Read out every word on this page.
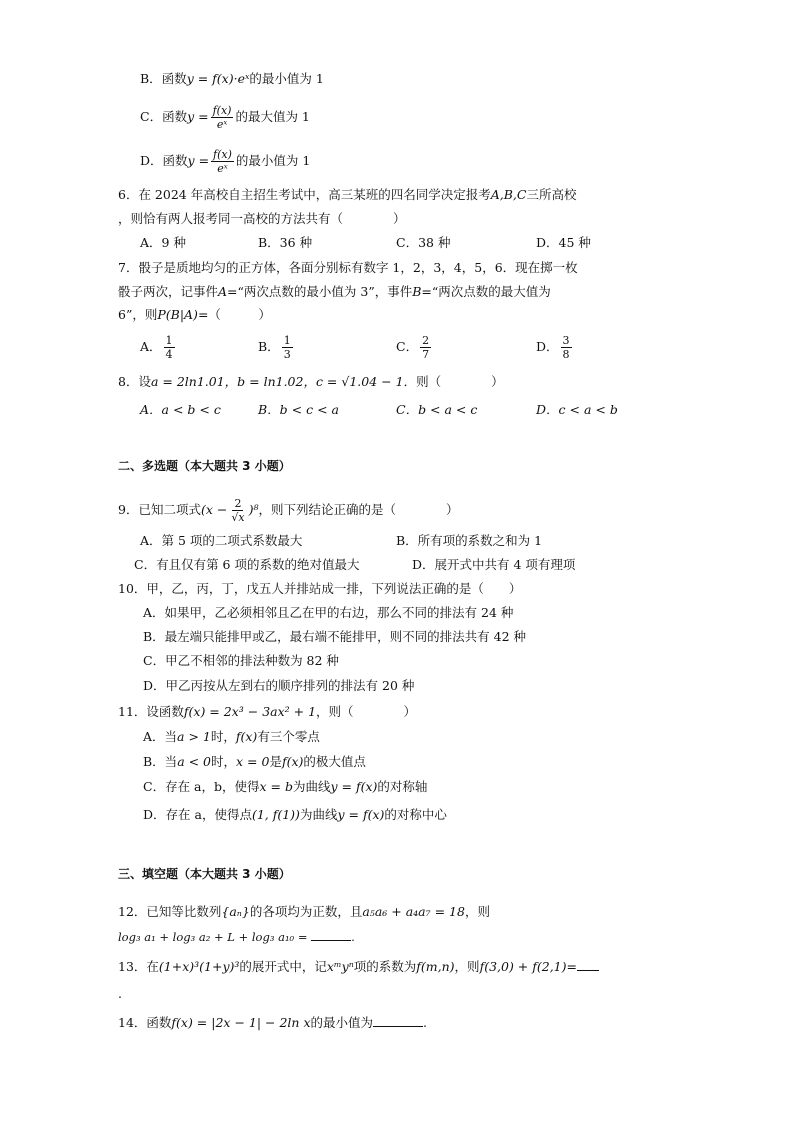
B．函数y = f(x)·eˣ的最小值为 1
C．函数$y = \frac{f(x)}{\text{eˣ}}$ 的最大值为 1
D．函数$y = \frac{f(x)}{\text{eˣ}}$ 的最小值为 1
6．在 2024 年高校自主招生考试中，高三某班的四名同学决定报考A,B,C三所高校
，则恰有两人报考同一高校的方法共有（　　　　）
A．9 种	B．36 种	C．38 种	D．45 种
7．骰子是质地均匀的正方体，各面分别标有数字 1，2，3，4，5，6．现在掷一枚
骰子两次，记事件A=“两次点数的最小值为 3”，事件B=“两次点数的最大值为
6”，则P(B|A)=（　　　）
A． $\frac{1}{4}$	B． $\frac{1}{3}$	C． $\frac{2}{7}$	D． $\frac{3}{8}$
8．设a = 2ln1.01，b = ln1.02，c = √1.04 − 1．则（　　　　）
A．a < b < c	B．b < c < a	C．b < a < c	D．c < a < b
二、多选题（本大题共 3 小题）
9．已知二项式$(x - \frac{2}{√x} )^8$，则下列结论正确的是（　　　　）
A．第 5 项的二项式系数最大	B．所有项的系数之和为 1
C．有且仅有第 6 项的系数的绝对值最大	D．展开式中共有 4 项有理项
10．甲，乙，丙，丁，戊五人并排站成一排，下列说法正确的是（　　）
A．如果甲，乙必须相邻且乙在甲的右边，那么不同的排法有 24 种
B．最左端只能排甲或乙，最右端不能排甲，则不同的排法共有 42 种
C．甲乙不相邻的排法种数为 82 种
D．甲乙丙按从左到右的顺序排列的排法有 20 种
11．设函数f(x) = 2x³ − 3ax² + 1，则（　　　　）
A．当a > 1时，f(x)有三个零点
B．当a < 0时，x = 0是f(x)的极大值点
C．存在 a，b，使得x = b为曲线y = f(x)的对称轴
D．存在 a，使得点(1, f(1))为曲线y = f(x)的对称中心
三、填空题（本大题共 3 小题）
12．已知等比数列{aₙ}的各项均为正数，且a₅a₆ + a₄a₇ = 18，则
log₃ a₁ + log₃ a₂ + L + log₃ a₁₀ =	.
13．在(1+x)³(1+y)³的展开式中，记xᵐyⁿ项的系数为f(m,n)，则f(3,0) + f(2,1)=
.
14．函数f(x) = |2x − 1| − 2ln x的最小值为	.
